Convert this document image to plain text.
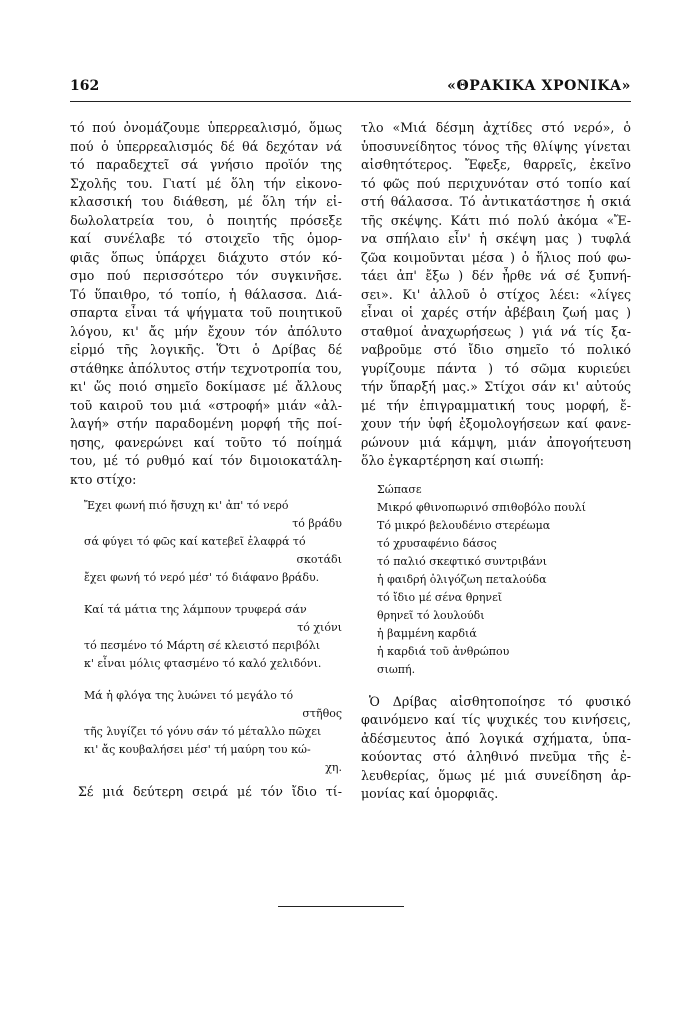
162	«ΘΡΑΚΙΚΑ ΧΡΟΝΙΚΑ»
τό πού ὀνομάζουμε ὑπερρεαλισμό, ὅμως
πού ὁ ὑπερρεαλισμός δέ θά δεχόταν νά
τό παραδεχτεῖ σά γνήσιο προϊόν της
Σχολῆς του. Γιατί μέ ὅλη τήν εἰκονο-
κλασσική του διάθεση, μέ ὅλη τήν εἰ-
δωλολατρεία του, ὁ ποιητής πρόσεξε
καί συνέλαβε τό στοιχεῖο τῆς ὁμορ-
φιᾶς ὅπως ὑπάρχει διάχυτο στόν κό-
σμο πού περισσότερο τόν συγκινῆσε.
Τό ὕπαιθρο, τό τοπίο, ἡ θάλασσα. Διά-
σπαρτα εἶναι τά ψήγματα τοῦ ποιητικοῦ
λόγου, κι' ἄς μήν ἔχουν τόν ἀπόλυτο
εἱρμό τῆς λογικῆς. Ὅτι ὁ Δρίβας δέ
στάθηκε ἀπόλυτος στήν τεχνοτροπία του,
κι' ὥς ποιό σημεῖο δοκίμασε μέ ἄλλους
τοῦ καιροῦ του μιά «στροφή» μιάν «ἀλ-
λαγή» στήν παραδομένη μορφή τῆς ποί-
ησης, φανερώνει καί τοῦτο τό ποίημά
του, μέ τό ρυθμό καί τόν διμοιοκατάλη-
κτο στίχο:
Ἔχει φωνή πιό ἤσυχη κι' ἀπ' τό νερό
τό βράδυ
σά φύγει τό φῶς καί κατεβεῖ ἐλαφρά τό
σκοτάδι
ἔχει φωνή τό νερό μέσ' τό διάφανο βράδυ.
Καί τά μάτια της λάμπουν τρυφερά σάν
τό χιόνι
τό πεσμένο τό Μάρτη σέ κλειστό περιβόλι
κ' εἶναι μόλις φτασμένο τό καλό χελιδόνι.
Μά ἡ φλόγα της λυώνει τό μεγάλο τό
στῆθος
τῆς λυγίζει τό γόνυ σάν τό μέταλλο πῶχει
κι' ἄς κουβαλήσει μέσ' τή μαύρη του κώ-
χη.
Σέ μιά δεύτερη σειρά μέ τόν ἴδιο τί-
τλο «Μιά δέσμη ἀχτίδες στό νερό», ὁ
ὑποσυνείδητος τόνος τῆς θλίψης γίνεται
αἰσθητότερος. Ἔφεξε, θαρρεῖς, ἐκεῖνο
τό φῶς πού περιχυνόταν στό τοπίο καί
στή θάλασσα. Τό ἀντικατάστησε ἡ σκιά
τῆς σκέψης. Κάτι πιό πολύ ἀκόμα «Ἔ-
να σπήλαιο εἶν' ἡ σκέψη μας ) τυφλά
ζῶα κοιμοῦνται μέσα ) ὁ ἥλιος πού φω-
τάει ἀπ' ἔξω ) δέν ἦρθε νά σέ ξυπνή-
σει». Κι' ἀλλοῦ ὁ στίχος λέει: «λίγες
εἶναι οἱ χαρές στήν ἀβέβαιη ζωή μας )
σταθμοί ἀναχωρήσεως ) γιά νά τίς ξα-
ναβροῦμε στό ἴδιο σημεῖο τό πολικό
γυρίζουμε πάντα ) τό σῶμα κυριεύει
τήν ὕπαρξή μας.» Στίχοι σάν κι' αὐτούς
μέ τήν ἐπιγραμματική τους μορφή, ἔ-
χουν τήν ὑφή ἐξομολογήσεων καί φανε-
ρώνουν μιά κάμψη, μιάν ἀπογοήτευση
ὅλο ἐγκαρτέρηση καί σιωπή:
Σώπασε
Μικρό φθινοπωρινό σπιθοβόλο πουλί
Τό μικρό βελουδένιο στερέωμα
τό χρυσαφένιο δάσος
τό παλιό σκεφτικό συντριβάνι
ἡ φαιδρή ὀλιγόζωη πεταλούδα
τό ἴδιο μέ σένα θρηνεῖ
θρηνεῖ τό λουλούδι
ἡ βαμμένη καρδιά
ἡ καρδιά τοῦ ἀνθρώπου
σιωπή.
Ὁ Δρίβας αἰσθητοποίησε τό φυσικό
φαινόμενο καί τίς ψυχικές του κινήσεις,
ἀδέσμευτος ἀπό λογικά σχήματα, ὑπα-
κούοντας στό ἀληθινό πνεῦμα τῆς ἐ-
λευθερίας, ὅμως μέ μιά συνείδηση ἁρ-
μονίας καί ὁμορφιᾶς.
